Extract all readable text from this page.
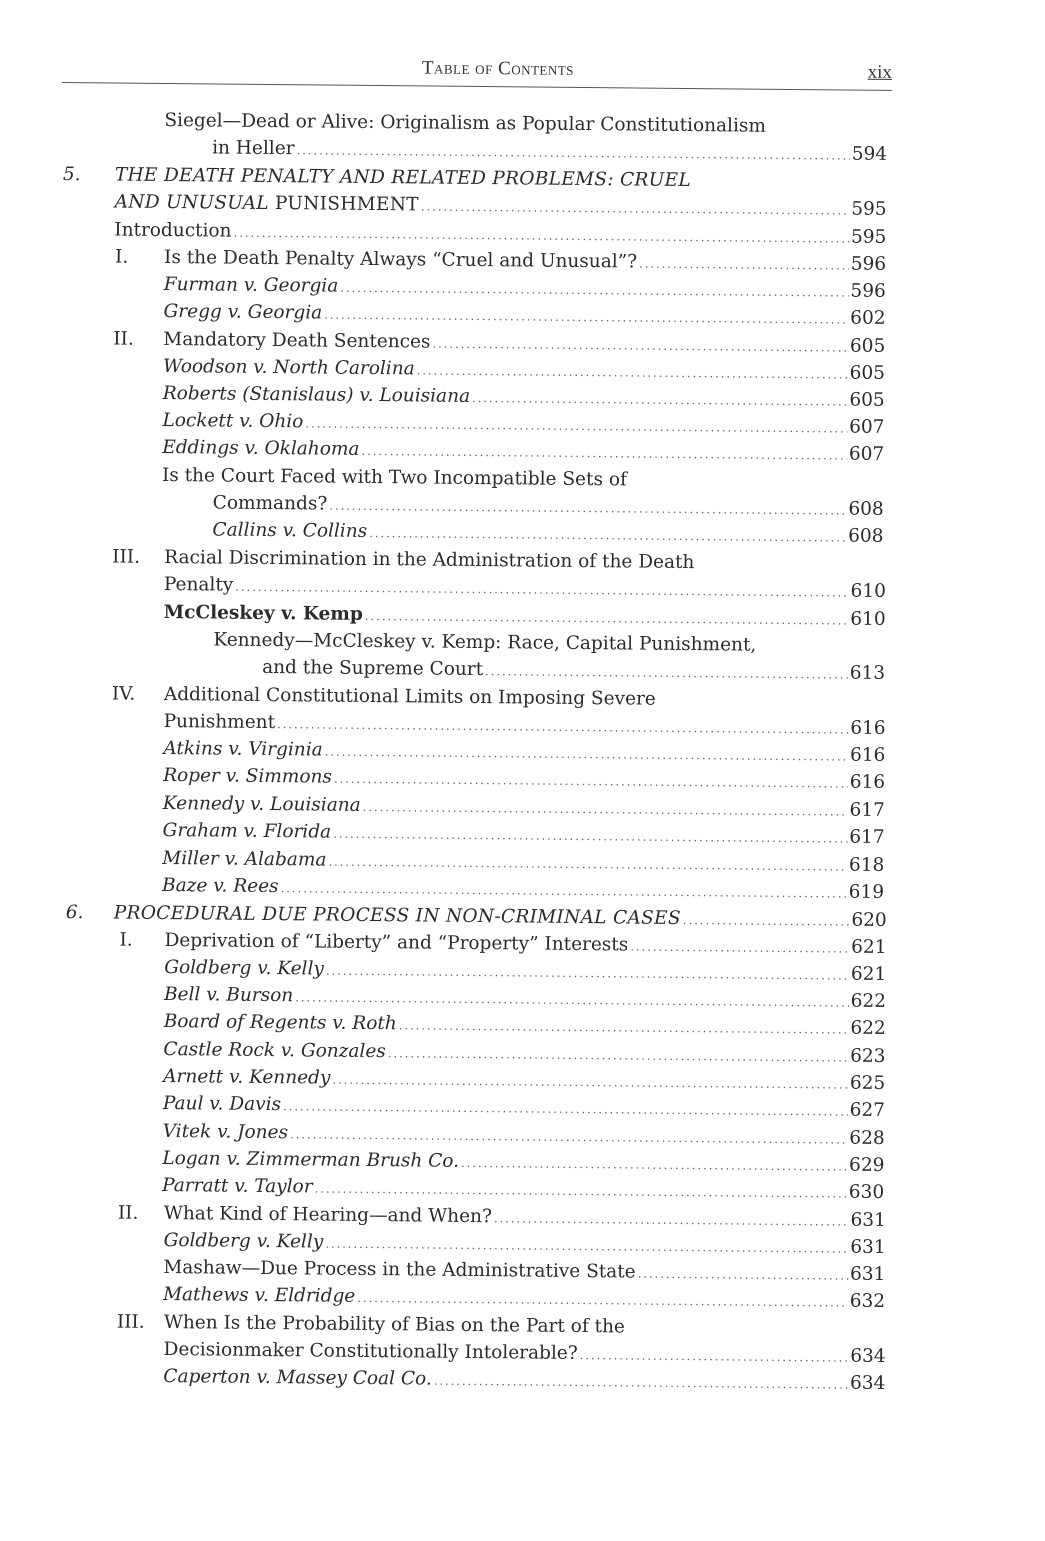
Table of Contents	xix
Siegel—Dead or Alive: Originalism as Popular Constitutionalism
in Heller . . .	594
5. THE DEATH PENALTY AND RELATED PROBLEMS: CRUEL
AND UNUSUAL PUNISHMENT . . .	595
Introduction . . .	595
I. Is the Death Penalty Always “Cruel and Unusual”? . . .	596
Furman v. Georgia . . .	596
Gregg v. Georgia . . .	602
II. Mandatory Death Sentences . . .	605
Woodson v. North Carolina . . .	605
Roberts (Stanislaus) v. Louisiana . . .	605
Lockett v. Ohio . . .	607
Eddings v. Oklahoma . . .	607
Is the Court Faced with Two Incompatible Sets of
Commands? . . .	608
Callins v. Collins . . .	608
III. Racial Discrimination in the Administration of the Death
Penalty . . .	610
McCleskey v. Kemp . . .	610
Kennedy—McCleskey v. Kemp: Race, Capital Punishment,
and the Supreme Court . . .	613
IV. Additional Constitutional Limits on Imposing Severe
Punishment . . .	616
Atkins v. Virginia . . .	616
Roper v. Simmons . . .	616
Kennedy v. Louisiana . . .	617
Graham v. Florida . . .	617
Miller v. Alabama . . .	618
Baze v. Rees . . .	619
6. PROCEDURAL DUE PROCESS IN NON-CRIMINAL CASES . . .	620
I. Deprivation of “Liberty” and “Property” Interests . . .	621
Goldberg v. Kelly . . .	621
Bell v. Burson . . .	622
Board of Regents v. Roth . . .	622
Castle Rock v. Gonzales . . .	623
Arnett v. Kennedy . . .	625
Paul v. Davis . . .	627
Vitek v. Jones . . .	628
Logan v. Zimmerman Brush Co. . . .	629
Parratt v. Taylor . . .	630
II. What Kind of Hearing—and When? . . .	631
Goldberg v. Kelly . . .	631
Mashaw—Due Process in the Administrative State . . .	631
Mathews v. Eldridge . . .	632
III. When Is the Probability of Bias on the Part of the
Decisionmaker Constitutionally Intolerable? . . .	634
Caperton v. Massey Coal Co. . . .	634
